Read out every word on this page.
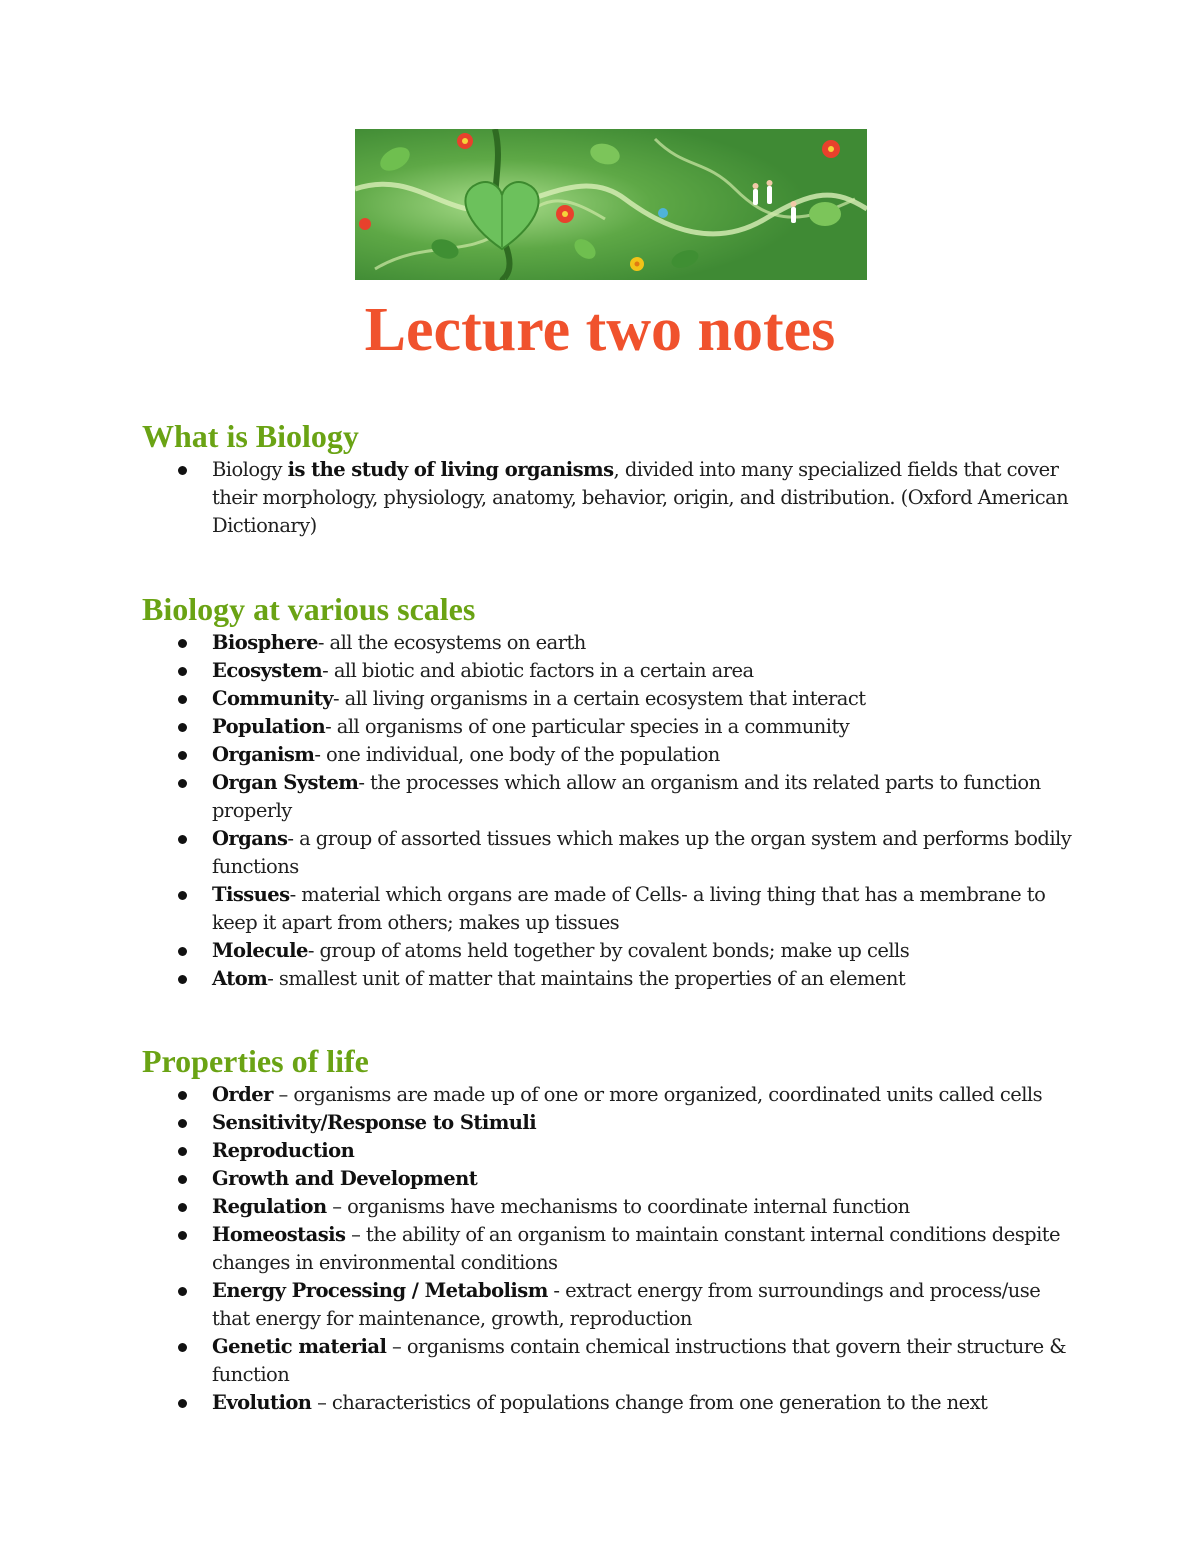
Lecture two notes
What is Biology
Biology is the study of living organisms, divided into many specialized fields that cover their morphology, physiology, anatomy, behavior, origin, and distribution. (Oxford American Dictionary)
Biology at various scales
Biosphere- all the ecosystems on earth
Ecosystem- all biotic and abiotic factors in a certain area
Community- all living organisms in a certain ecosystem that interact
Population- all organisms of one particular species in a community
Organism- one individual, one body of the population
Organ System- the processes which allow an organism and its related parts to function properly
Organs- a group of assorted tissues which makes up the organ system and performs bodily functions
Tissues- material which organs are made of Cells- a living thing that has a membrane to keep it apart from others; makes up tissues
Molecule- group of atoms held together by covalent bonds; make up cells
Atom- smallest unit of matter that maintains the properties of an element
Properties of life
Order – organisms are made up of one or more organized, coordinated units called cells
Sensitivity/Response to Stimuli
Reproduction
Growth and Development
Regulation – organisms have mechanisms to coordinate internal function
Homeostasis – the ability of an organism to maintain constant internal conditions despite changes in environmental conditions
Energy Processing / Metabolism - extract energy from surroundings and process/use that energy for maintenance, growth, reproduction
Genetic material – organisms contain chemical instructions that govern their structure & function
Evolution – characteristics of populations change from one generation to the next
